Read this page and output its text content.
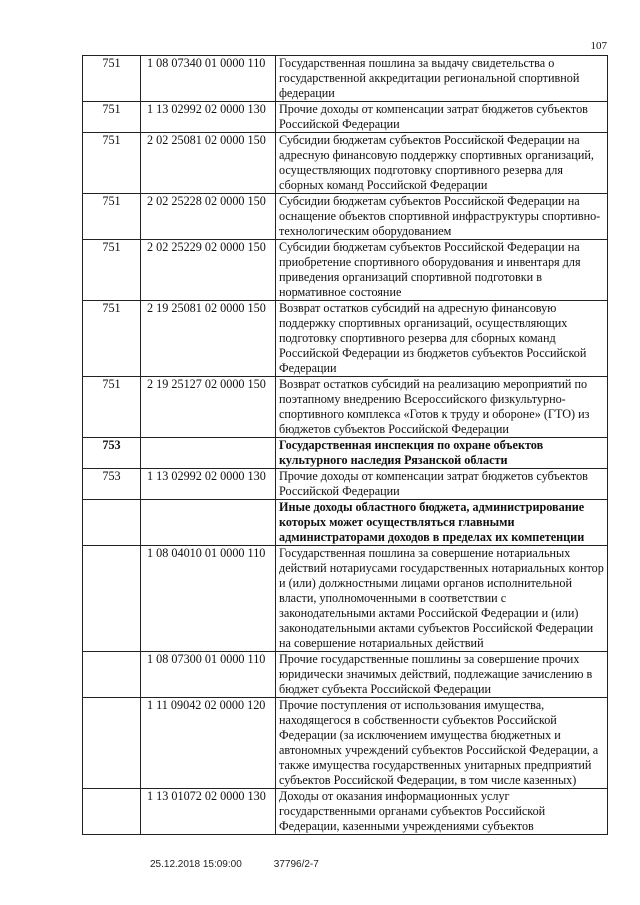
107
751	1 08 07340 01 0000 110	Государственная пошлина за выдачу свидетельства о государственной аккредитации региональной спортивной федерации
751	1 13 02992 02 0000 130	Прочие доходы от компенсации затрат бюджетов субъектов Российской Федерации
751	2 02 25081 02 0000 150	Субсидии бюджетам субъектов Российской Федерации на адресную финансовую поддержку спортивных организаций, осуществляющих подготовку спортивного резерва для сборных команд Российской Федерации
751	2 02 25228 02 0000 150	Субсидии бюджетам субъектов Российской Федерации на оснащение объектов спортивной инфраструктуры спортивно-технологическим оборудованием
751	2 02 25229 02 0000 150	Субсидии бюджетам субъектов Российской Федерации на приобретение спортивного оборудования и инвентаря для приведения организаций спортивной подготовки в нормативное состояние
751	2 19 25081 02 0000 150	Возврат остатков субсидий на адресную финансовую поддержку спортивных организаций, осуществляющих подготовку спортивного резерва для сборных команд Российской Федерации из бюджетов субъектов Российской Федерации
751	2 19 25127 02 0000 150	Возврат остатков субсидий на реализацию мероприятий по поэтапному внедрению Всероссийского физкультурно-спортивного комплекса «Готов к труду и обороне» (ГТО) из бюджетов субъектов Российской Федерации
753		Государственная инспекция по охране объектов культурного наследия Рязанской области
753	1 13 02992 02 0000 130	Прочие доходы от компенсации затрат бюджетов субъектов Российской Федерации
		Иные доходы областного бюджета, администрирование которых может осуществляться главными администраторами доходов в пределах их компетенции
	1 08 04010 01 0000 110	Государственная пошлина за совершение нотариальных действий нотариусами государственных нотариальных контор и (или) должностными лицами органов исполнительной власти, уполномоченными в соответствии с законодательными актами Российской Федерации и (или) законодательными актами субъектов Российской Федерации на совершение нотариальных действий
	1 08 07300 01 0000 110	Прочие государственные пошлины за совершение прочих юридически значимых действий, подлежащие зачислению в бюджет субъекта Российской Федерации
	1 11 09042 02 0000 120	Прочие поступления от использования имущества, находящегося в собственности субъектов Российской Федерации (за исключением имущества бюджетных и автономных учреждений субъектов Российской Федерации, а также имущества государственных унитарных предприятий субъектов Российской Федерации, в том числе казенных)
	1 13 01072 02 0000 130	Доходы от оказания информационных услуг государственными органами субъектов Российской Федерации, казенными учреждениями субъектов
25.12.2018 15:09:00	37796/2-7
